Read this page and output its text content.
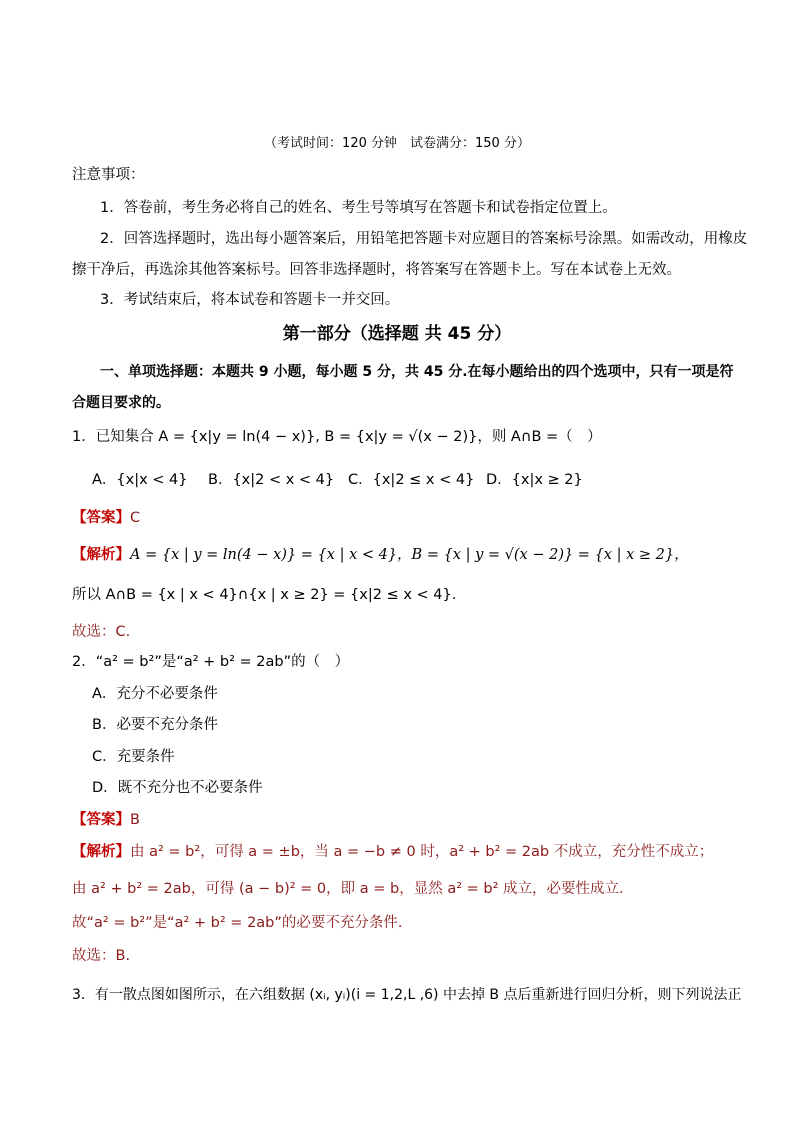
（考试时间：120 分钟　试卷满分：150 分）
注意事项：
1．答卷前，考生务必将自己的姓名、考生号等填写在答题卡和试卷指定位置上。
2．回答选择题时，选出每小题答案后，用铅笔把答题卡对应题目的答案标号涂黑。如需改动，用橡皮
擦干净后，再选涂其他答案标号。回答非选择题时，将答案写在答题卡上。写在本试卷上无效。
3．考试结束后，将本试卷和答题卡一并交回。
第一部分（选择题 共 45 分）
一、单项选择题：本题共 9 小题，每小题 5 分，共 45 分.在每小题给出的四个选项中，只有一项是符
合题目要求的。
1．已知集合 A = {x|y = ln(4 − x)}, B = {x|y = √(x − 2)}，则 A∩B =（　）
A．{x|x < 4} B．{x|2 < x < 4} C．{x|2 ≤ x < 4} D．{x|x ≥ 2}
【答案】C
【解析】A = {x | y = ln(4 − x)} = {x | x < 4}，B = {x | y = √(x − 2)} = {x | x ≥ 2}，
所以 A∩B = {x | x < 4}∩{x | x ≥ 2} = {x|2 ≤ x < 4}.
故选：C.
2．“a² = b²”是“a² + b² = 2ab”的（　）
A．充分不必要条件
B．必要不充分条件
C．充要条件
D．既不充分也不必要条件
【答案】B
【解析】由 a² = b²，可得 a = ±b，当 a = −b ≠ 0 时，a² + b² = 2ab 不成立，充分性不成立；
由 a² + b² = 2ab，可得 (a − b)² = 0，即 a = b，显然 a² = b² 成立，必要性成立.
故“a² = b²”是“a² + b² = 2ab”的必要不充分条件.
故选：B.
3．有一散点图如图所示，在六组数据 (xᵢ, yᵢ)(i = 1,2,L ,6) 中去掉 B 点后重新进行回归分析，则下列说法正
